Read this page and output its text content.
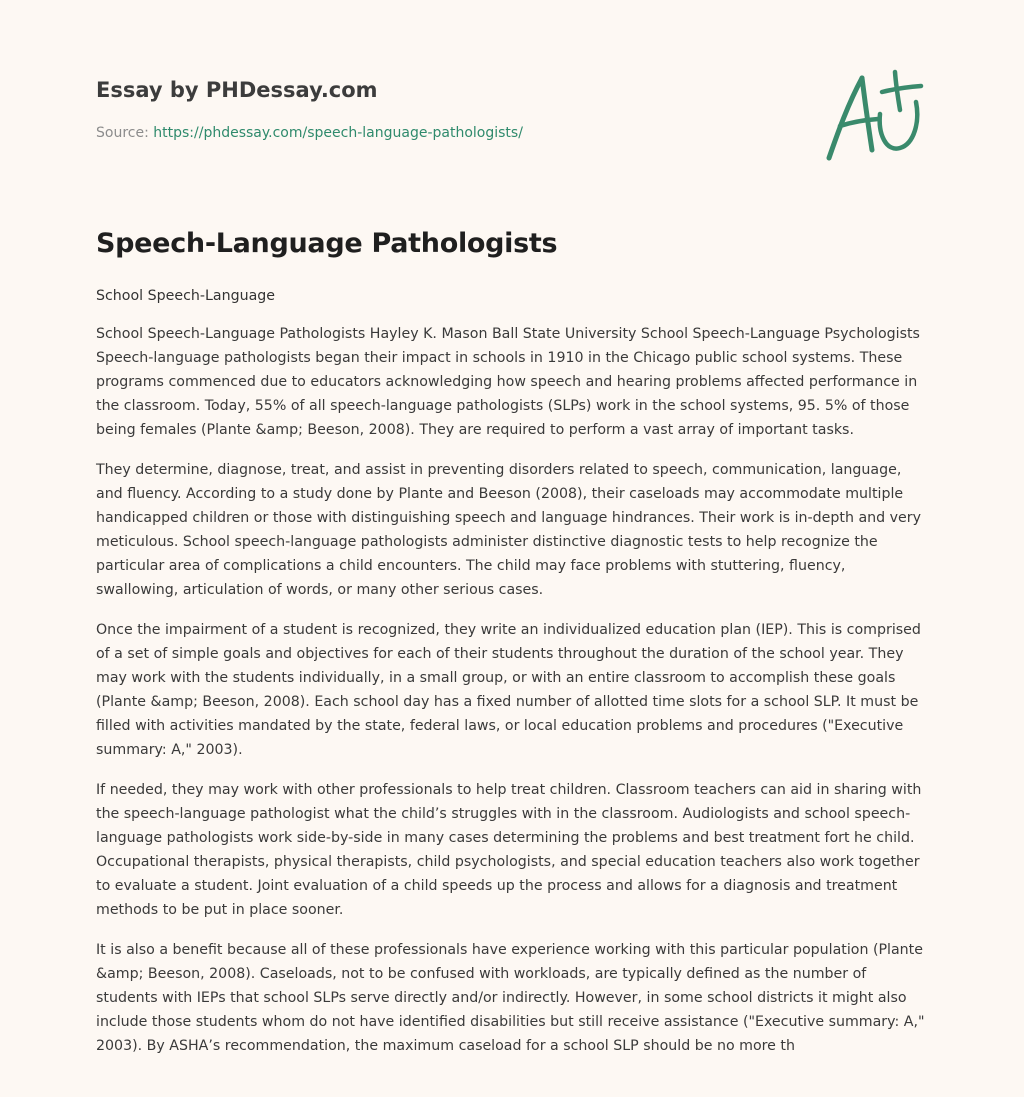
Essay by PHDessay.com
Source: https://phdessay.com/speech-language-pathologists/
Speech-Language Pathologists
School Speech-Language

School Speech-Language Pathologists Hayley K. Mason Ball State University School Speech-Language Psychologists Speech-language pathologists began their impact in schools in 1910 in the Chicago public school systems. These programs commenced due to educators acknowledging how speech and hearing problems affected performance in the classroom. Today, 55% of all speech-language pathologists (SLPs) work in the school systems, 95. 5% of those being females (Plante &amp; Beeson, 2008). They are required to perform a vast array of important tasks.

They determine, diagnose, treat, and assist in preventing disorders related to speech, communication, language, and fluency. According to a study done by Plante and Beeson (2008), their caseloads may accommodate multiple handicapped children or those with distinguishing speech and language hindrances. Their work is in-depth and very meticulous. School speech-language pathologists administer distinctive diagnostic tests to help recognize the particular area of complications a child encounters. The child may face problems with stuttering, fluency, swallowing, articulation of words, or many other serious cases.

Once the impairment of a student is recognized, they write an individualized education plan (IEP). This is comprised of a set of simple goals and objectives for each of their students throughout the duration of the school year. They may work with the students individually, in a small group, or with an entire classroom to accomplish these goals (Plante &amp; Beeson, 2008). Each school day has a fixed number of allotted time slots for a school SLP. It must be filled with activities mandated by the state, federal laws, or local education problems and procedures ("Executive summary: A," 2003).

If needed, they may work with other professionals to help treat children. Classroom teachers can aid in sharing with the speech-language pathologist what the child’s struggles with in the classroom. Audiologists and school speech-language pathologists work side-by-side in many cases determining the problems and best treatment fort he child. Occupational therapists, physical therapists, child psychologists, and special education teachers also work together to evaluate a student. Joint evaluation of a child speeds up the process and allows for a diagnosis and treatment methods to be put in place sooner.

It is also a benefit because all of these professionals have experience working with this particular population (Plante &amp; Beeson, 2008). Caseloads, not to be confused with workloads, are typically defined as the number of students with IEPs that school SLPs serve directly and/or indirectly. However, in some school districts it might also include those students whom do not have identified disabilities but still receive assistance ("Executive summary: A," 2003). By ASHA’s recommendation, the maximum caseload for a school SLP should be no more th
